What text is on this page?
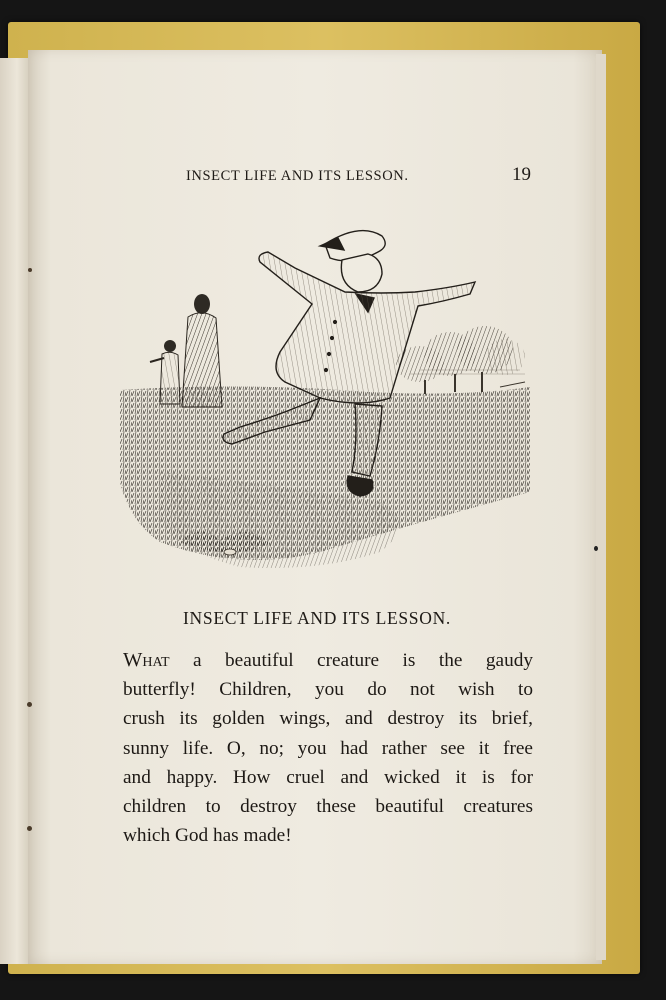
INSECT LIFE AND ITS LESSON.	19
INSECT LIFE AND ITS LESSON.
What a beautiful creature is the gaudy
butterfly! Children, you do not wish to
crush its golden wings, and destroy its brief,
sunny life. O, no; you had rather see it free
and happy. How cruel and wicked it is for
children to destroy these beautiful creatures
which God has made!
